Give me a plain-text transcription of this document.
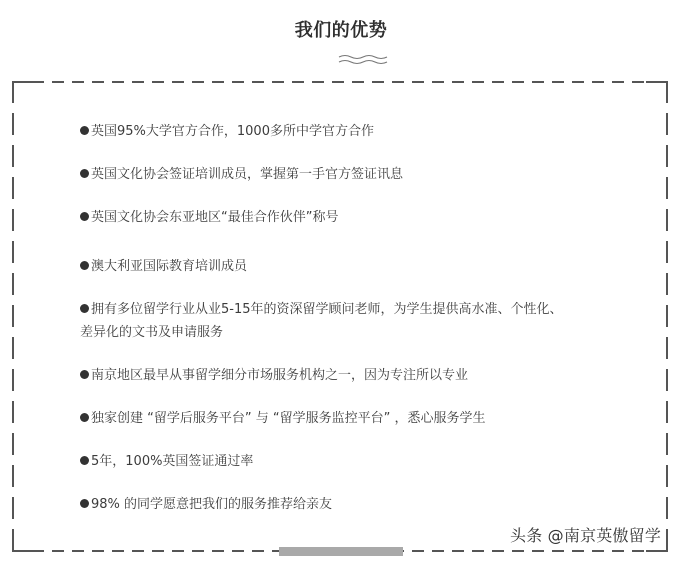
我们的优势
英国95%大学官方合作，1000多所中学官方合作
英国文化协会签证培训成员，掌握第一手官方签证讯息
英国文化协会东亚地区“最佳合作伙伴”称号
澳大利亚国际教育培训成员
拥有多位留学行业从业5-15年的资深留学顾问老师，为学生提供高水准、个性化、
差异化的文书及申请服务
南京地区最早从事留学细分市场服务机构之一，因为专注所以专业
独家创建 “留学后服务平台” 与 “留学服务监控平台” ，悉心服务学生
5年，100%英国签证通过率
98% 的同学愿意把我们的服务推荐给亲友
头条 @南京英傲留学
